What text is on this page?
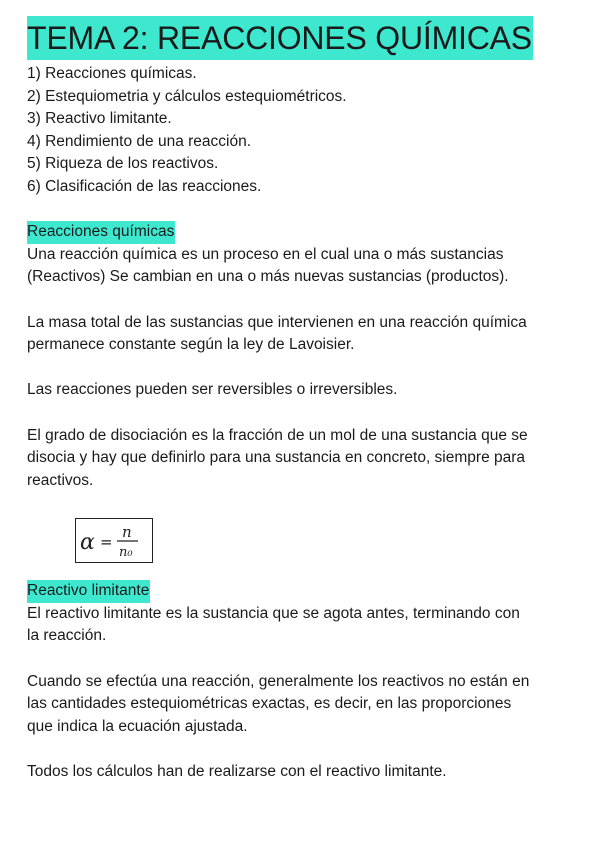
TEMA 2: REACCIONES QUÍMICAS

1) Reacciones químicas.

2) Estequiometria y cálculos estequiométricos.

3) Reactivo limitante.

4) Rendimiento de una reacción.

5) Riqueza de los reactivos.

6) Clasificación de las reacciones.

Reacciones químicas

Una reacción química es un proceso en el cual una o más sustancias

(Reactivos) Se cambian en una o más nuevas sustancias (productos).

La masa total de las sustancias que intervienen en una reacción química

permanece constante según la ley de Lavoisier.

Las reacciones pueden ser reversibles o irreversibles.

El grado de disociación es la fracción de un mol de una sustancia que se

disocia y hay que definirlo para una sustancia en concreto, siempre para

reactivos.

α =
n
n₀
Reactivo limitante

El reactivo limitante es la sustancia que se agota antes, terminando con

la reacción.

Cuando se efectúa una reacción, generalmente los reactivos no están en

las cantidades estequiométricas exactas, es decir, en las proporciones

que indica la ecuación ajustada.

Todos los cálculos han de realizarse con el reactivo limitante.
